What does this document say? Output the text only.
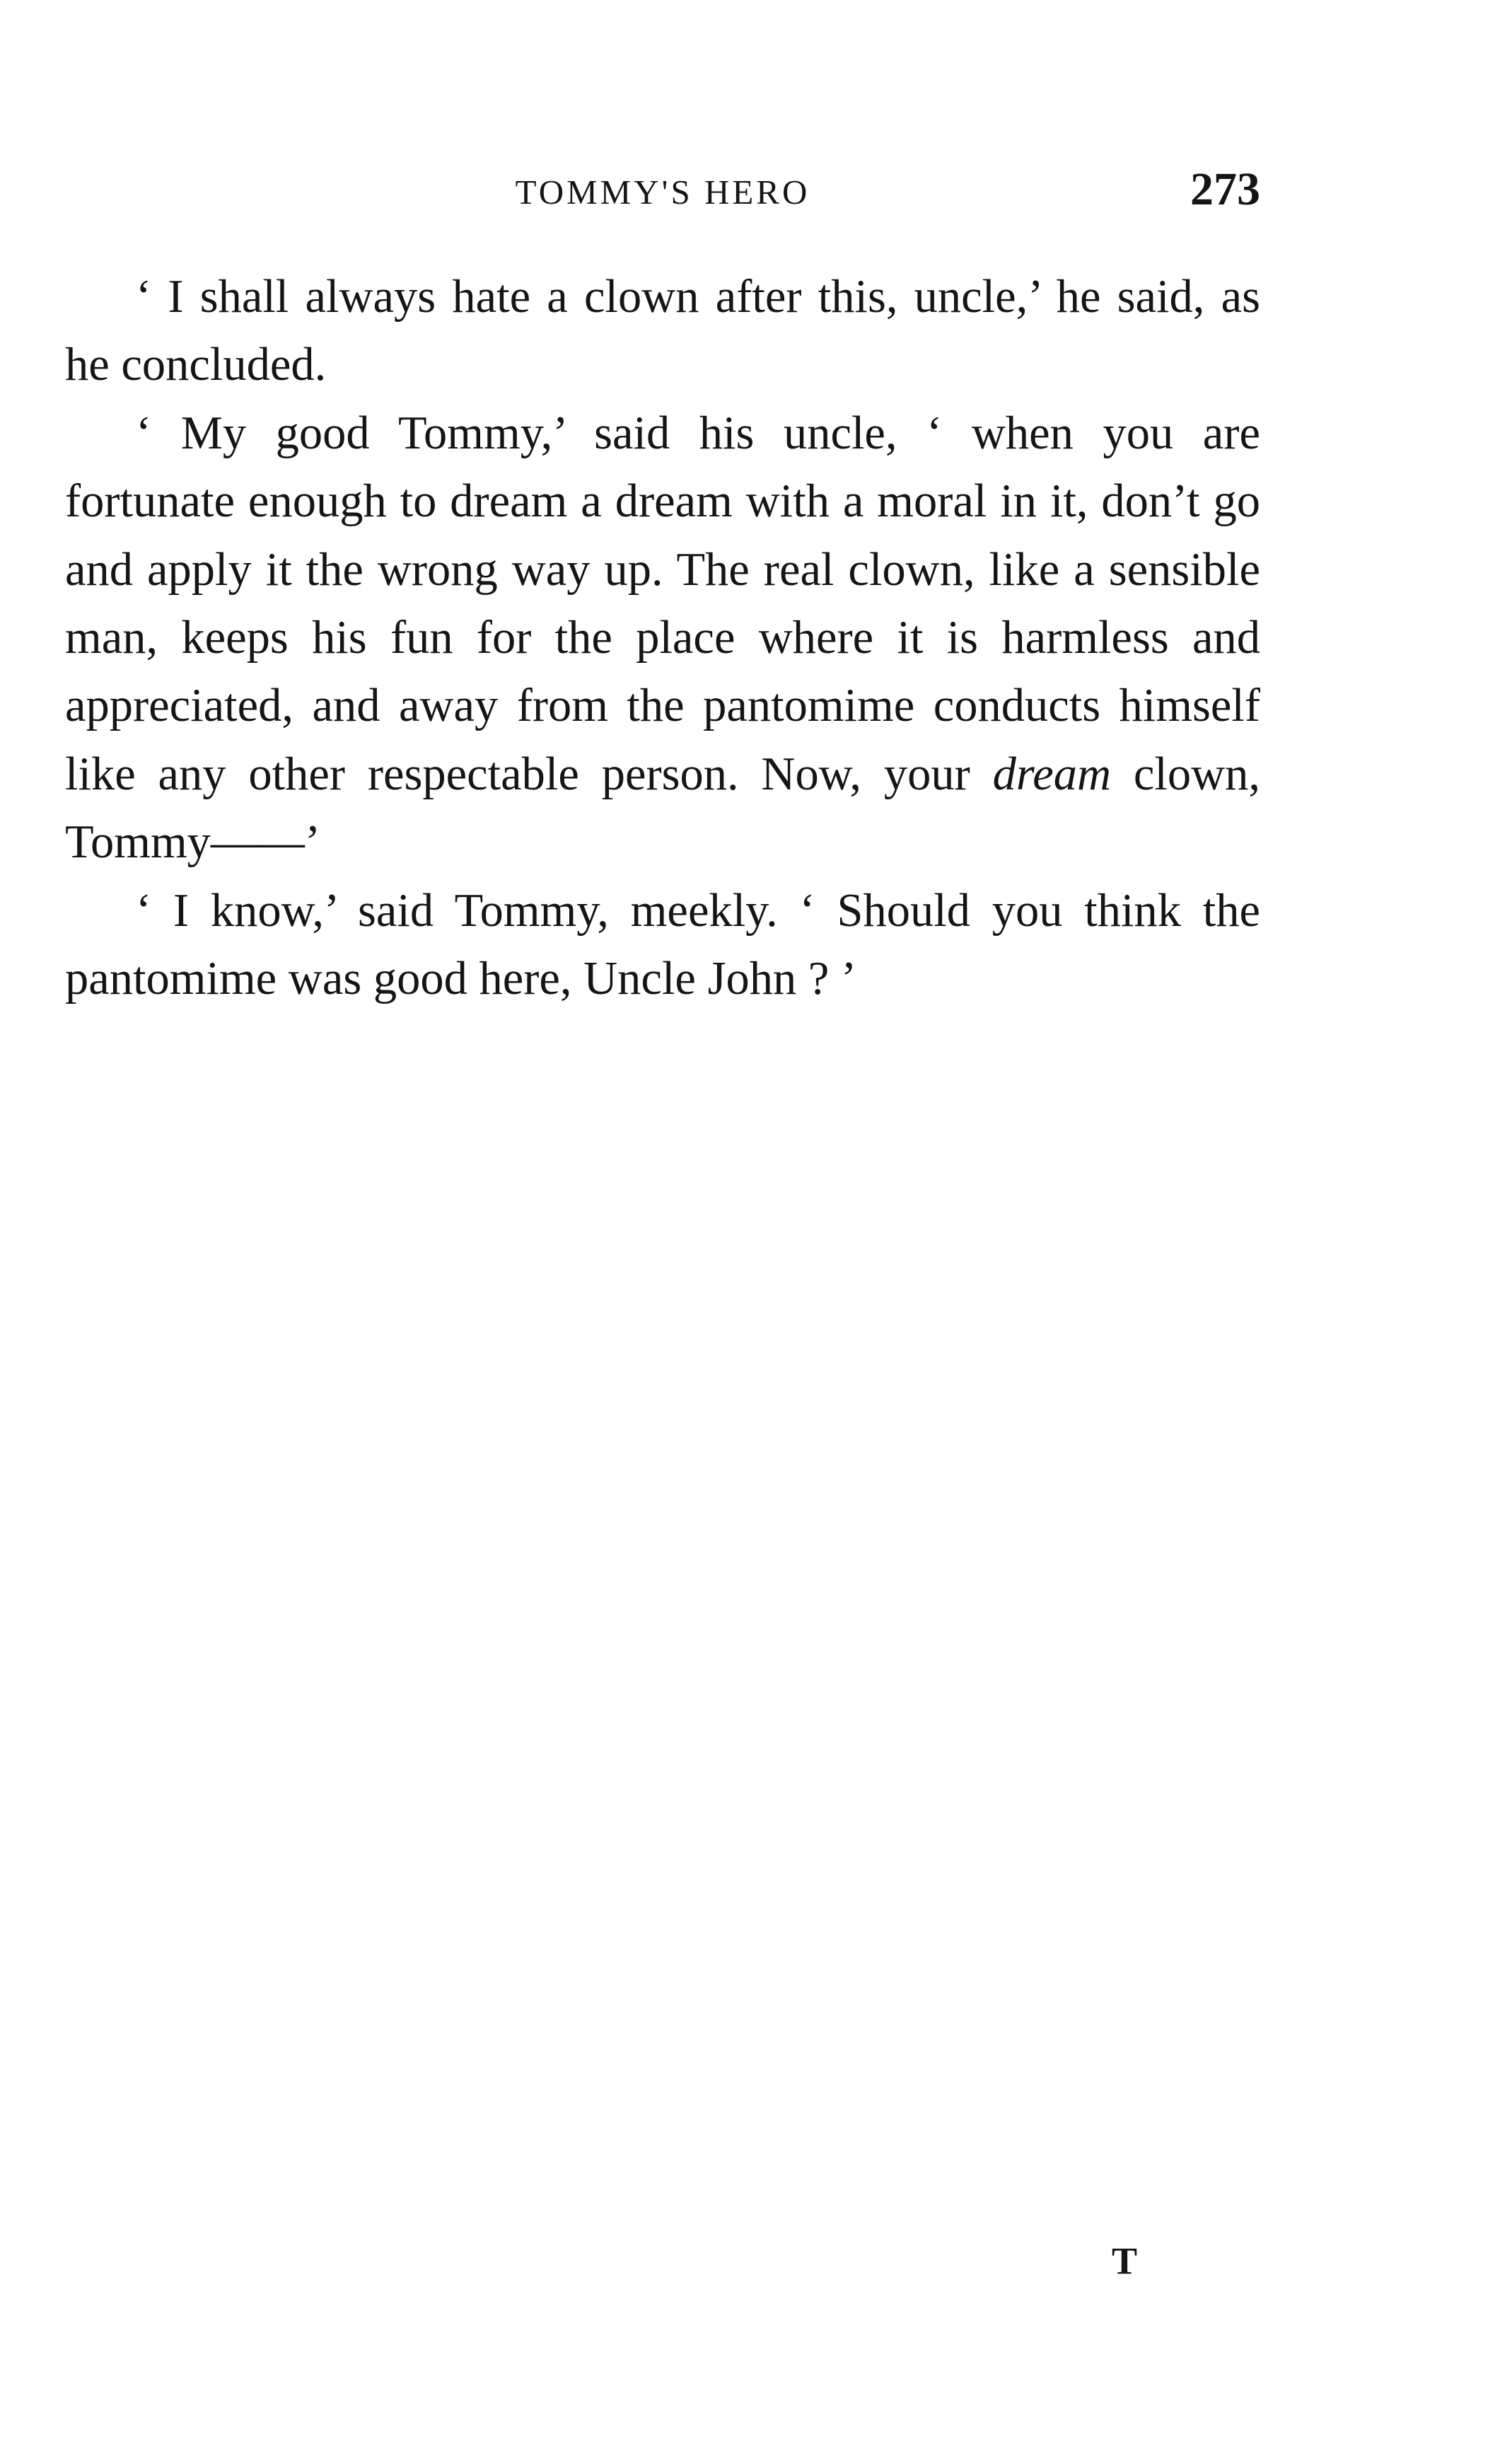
TOMMY'S HERO	273

‘ I shall always hate a clown after this, uncle,’ he said, as he concluded.

‘ My good Tommy,’ said his uncle, ‘ when you are fortunate enough to dream a dream with a moral in it, don’t go and apply it the wrong way up. The real clown, like a sensible man, keeps his fun for the place where it is harmless and appreciated, and away from the pantomime conducts himself like any other respectable person. Now, your dream clown, Tommy——’

‘ I know,’ said Tommy, meekly. ‘ Should you think the pantomime was good here, Uncle John ? ’

T
